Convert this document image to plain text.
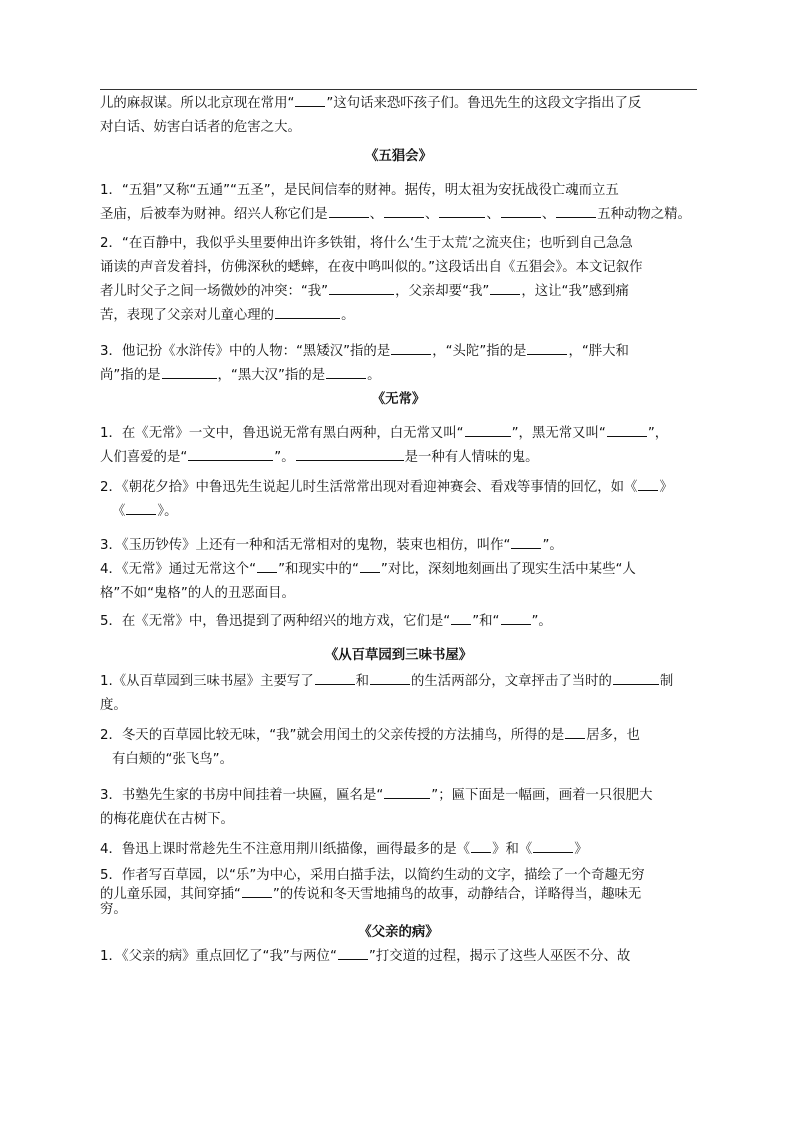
儿的麻叔谋。所以北京现在常用“ ”这句话来恐吓孩子们。鲁迅先生的这段文字指出了反

对白话、妨害白话者的危害之大。

《五猖会》

1．“五猖”又称“五通”“五圣”，是民间信奉的财神。据传，明太祖为安抚战役亡魂而立五

圣庙，后被奉为财神。绍兴人称它们是	、	、	、	、	五种动物之精。

2．“在百静中，我似乎头里要伸出许多铁钳，将什么‘生于太荒’之流夹住；也听到自己急急

诵读的声音发着抖，仿佛深秋的蟋蟀，在夜中鸣叫似的。”这段话出自《五猖会》。本文记叙作

者儿时父子之间一场微妙的冲突：“我”	，父亲却要“我” ，这让“我”感到痛

苦，表现了父亲对儿童心理的	。

3．他记扮《水浒传》中的人物：“黑矮汉”指的是	，“头陀”指的是	，“胖大和

尚”指的是	，“黑大汉”指的是	。

《无常》

1．在《无常》一文中，鲁迅说无常有黑白两种，白无常又叫“	”，黑无常又叫“	”，

人们喜爱的是“	”。	是一种有人情味的鬼。

2．《朝花夕拾》中鲁迅先生说起儿时生活常常出现对看迎神赛会、看戏等事情的回忆，如《 》

《 》。

3．《玉历钞传》上还有一种和活无常相对的鬼物，装束也相仿，叫作“ ”。

4．《无常》通过无常这个“ ”和现实中的“ ”对比，深刻地刻画出了现实生活中某些“人

格”不如“鬼格”的人的丑恶面目。

5．在《无常》中，鲁迅提到了两种绍兴的地方戏，它们是“ ”和“ ”。

《从百草园到三味书屋》

1.《从百草园到三味书屋》主要写了	和	的生活两部分，文章抨击了当时的	制

度。

2．冬天的百草园比较无味，“我”就会用闰土的父亲传授的方法捕鸟，所得的是 居多，也

有白颊的“张飞鸟”。

3．书塾先生家的书房中间挂着一块匾，匾名是“	”；匾下面是一幅画，画着一只很肥大

的梅花鹿伏在古树下。

4．鲁迅上课时常趁先生不注意用荆川纸描像，画得最多的是《 》和《	》

5．作者写百草园，以“乐”为中心，采用白描手法，以简约生动的文字，描绘了一个奇趣无穷

的儿童乐园，其间穿插“ ”的传说和冬天雪地捕鸟的故事，动静结合，详略得当，趣味无

穷。

《父亲的病》

1．《父亲的病》重点回忆了“我”与两位“ ”打交道的过程，揭示了这些人巫医不分、故
